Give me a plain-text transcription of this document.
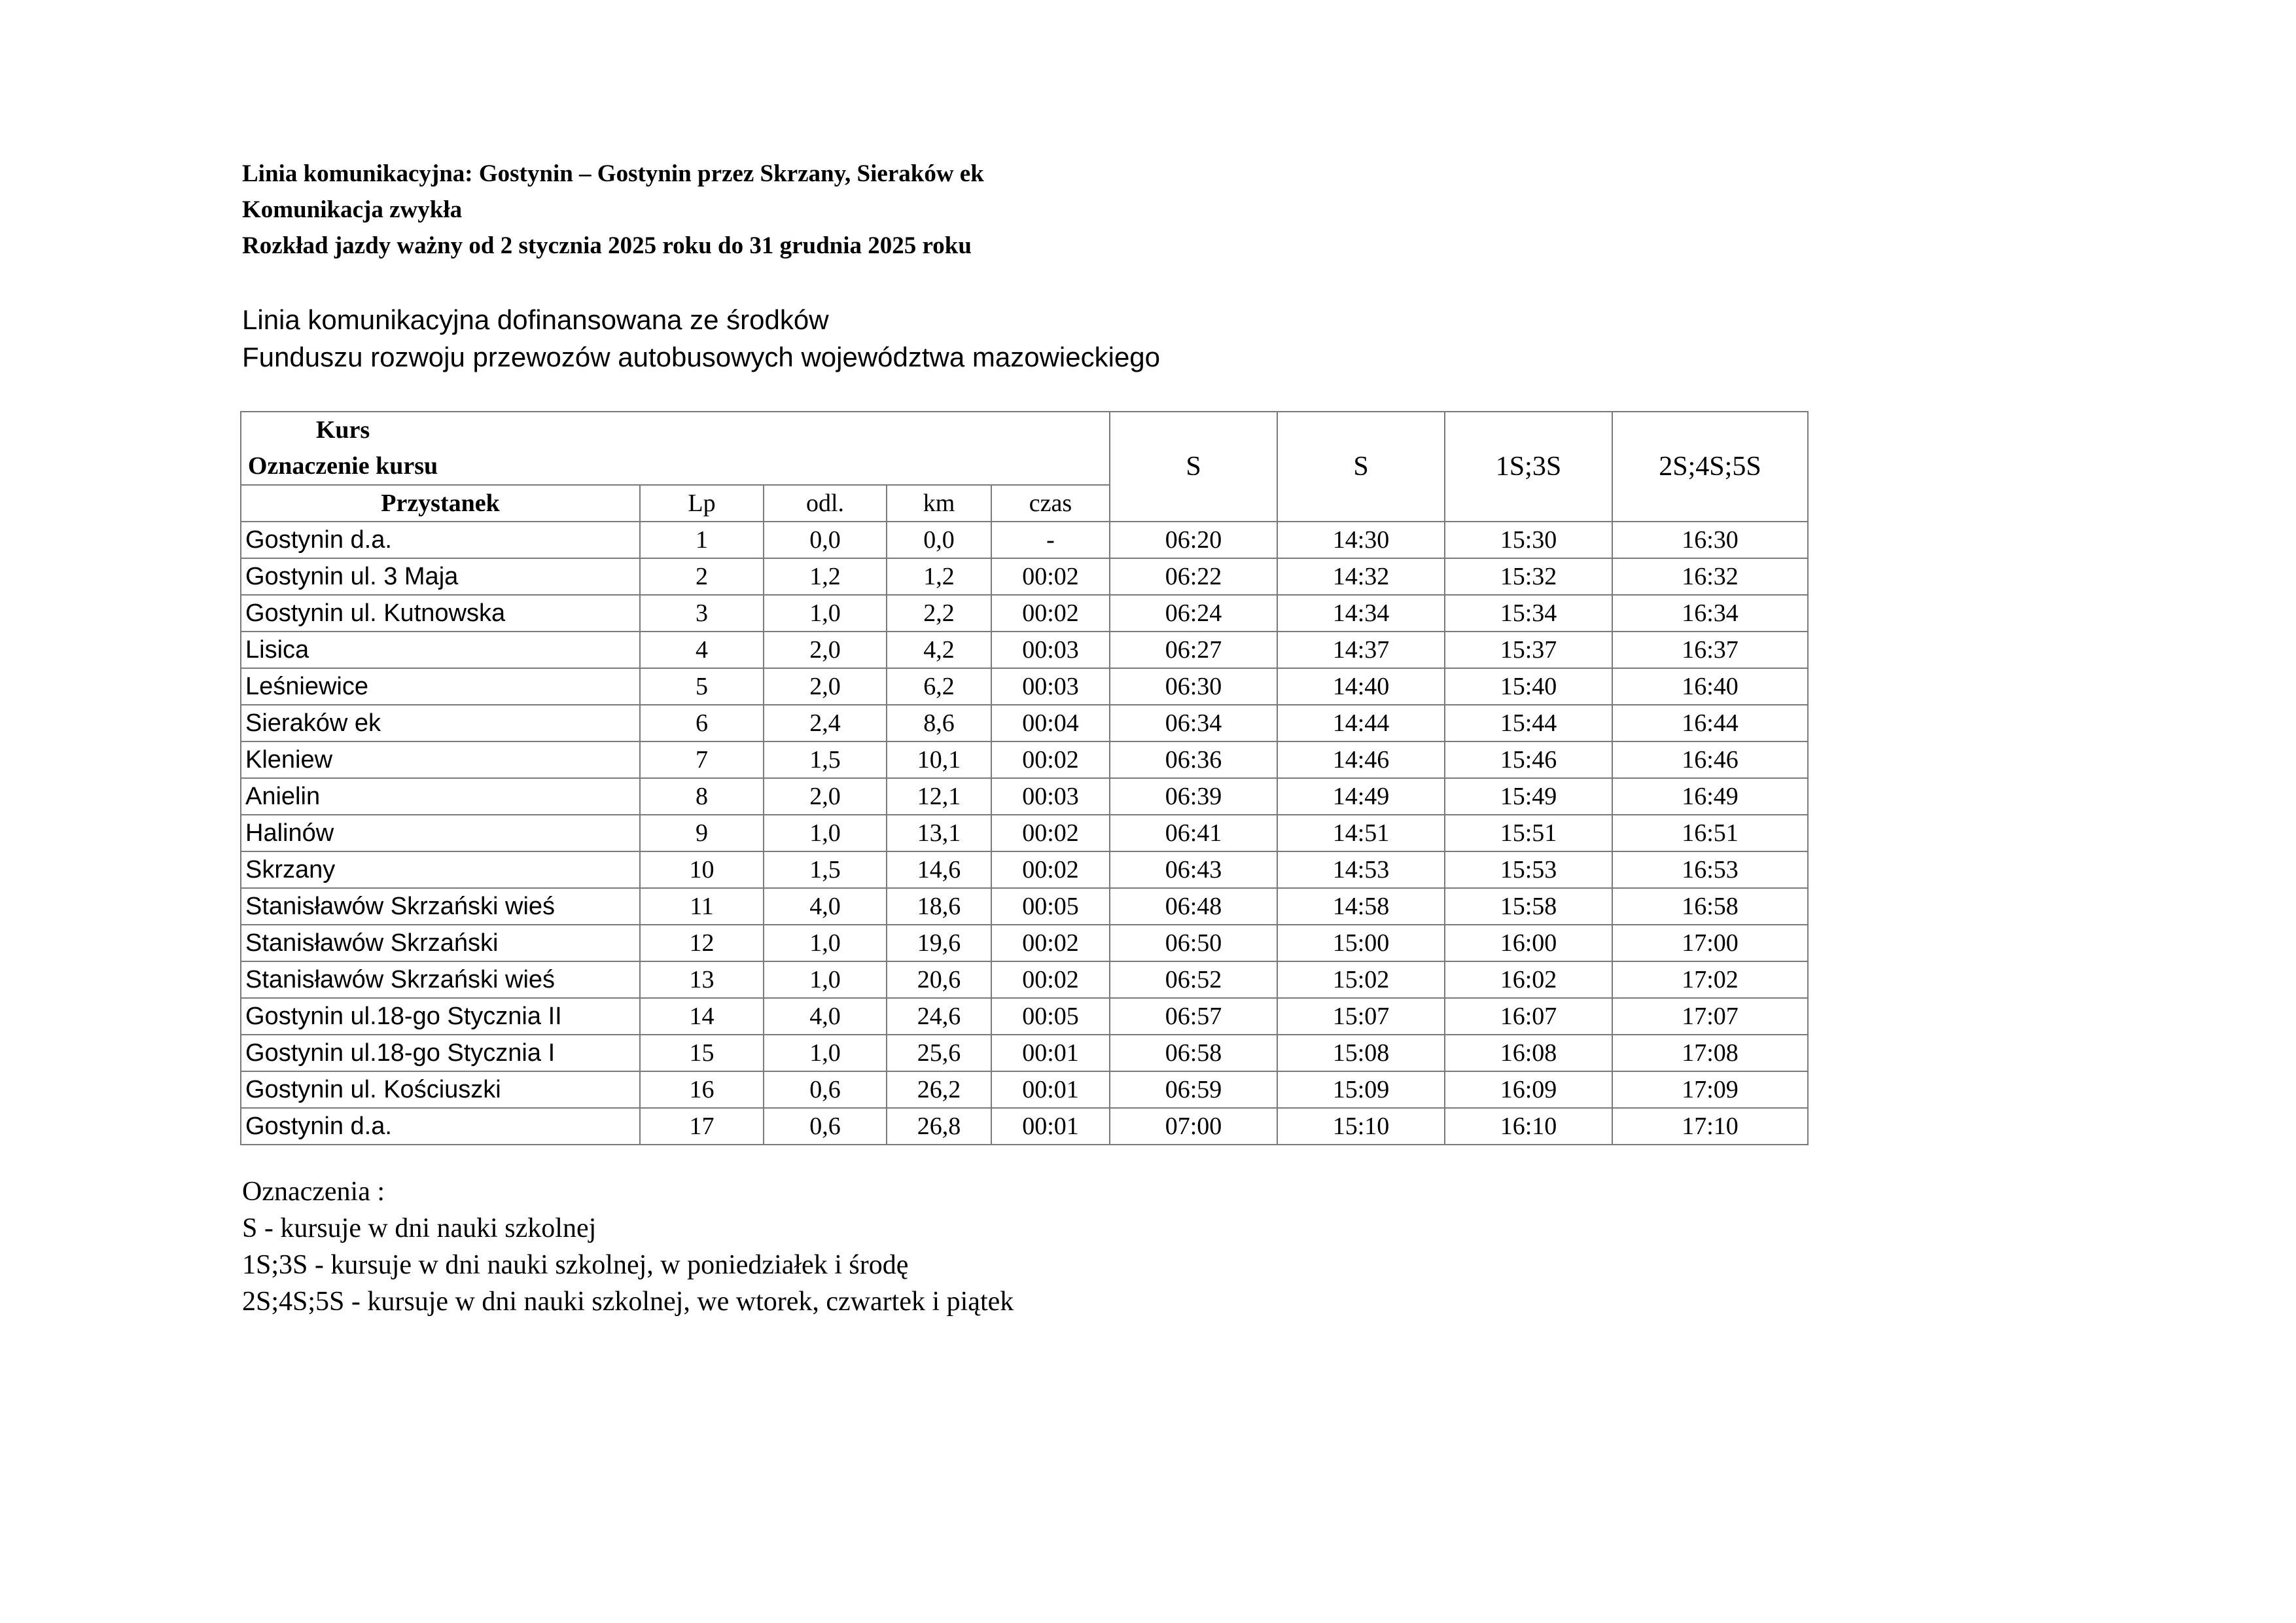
Linia komunikacyjna: Gostynin – Gostynin przez Skrzany, Sieraków ek
Komunikacja zwykła
Rozkład jazdy ważny od 2 stycznia 2025 roku do 31 grudnia 2025 roku
Linia komunikacyjna dofinansowana ze środków
Funduszu rozwoju przewozów autobusowych województwa mazowieckiego
Kurs
Oznaczenie kursu					S	S	1S;3S	2S;4S;5S
Przystanek	Lp	odl.	km	czas				
Gostynin d.a.	1	0,0	0,0	-	06:20	14:30	15:30	16:30
Gostynin ul. 3 Maja	2	1,2	1,2	00:02	06:22	14:32	15:32	16:32
Gostynin ul. Kutnowska	3	1,0	2,2	00:02	06:24	14:34	15:34	16:34
Lisica	4	2,0	4,2	00:03	06:27	14:37	15:37	16:37
Leśniewice	5	2,0	6,2	00:03	06:30	14:40	15:40	16:40
Sieraków ek	6	2,4	8,6	00:04	06:34	14:44	15:44	16:44
Kleniew	7	1,5	10,1	00:02	06:36	14:46	15:46	16:46
Anielin	8	2,0	12,1	00:03	06:39	14:49	15:49	16:49
Halinów	9	1,0	13,1	00:02	06:41	14:51	15:51	16:51
Skrzany	10	1,5	14,6	00:02	06:43	14:53	15:53	16:53
Stanisławów Skrzański wieś	11	4,0	18,6	00:05	06:48	14:58	15:58	16:58
Stanisławów Skrzański	12	1,0	19,6	00:02	06:50	15:00	16:00	17:00
Stanisławów Skrzański wieś	13	1,0	20,6	00:02	06:52	15:02	16:02	17:02
Gostynin ul.18-go Stycznia II	14	4,0	24,6	00:05	06:57	15:07	16:07	17:07
Gostynin ul.18-go Stycznia I	15	1,0	25,6	00:01	06:58	15:08	16:08	17:08
Gostynin ul. Kościuszki	16	0,6	26,2	00:01	06:59	15:09	16:09	17:09
Gostynin d.a.	17	0,6	26,8	00:01	07:00	15:10	16:10	17:10
Oznaczenia :
S - kursuje w dni nauki szkolnej
1S;3S - kursuje w dni nauki szkolnej, w poniedziałek i środę
2S;4S;5S - kursuje w dni nauki szkolnej, we wtorek, czwartek i piątek
